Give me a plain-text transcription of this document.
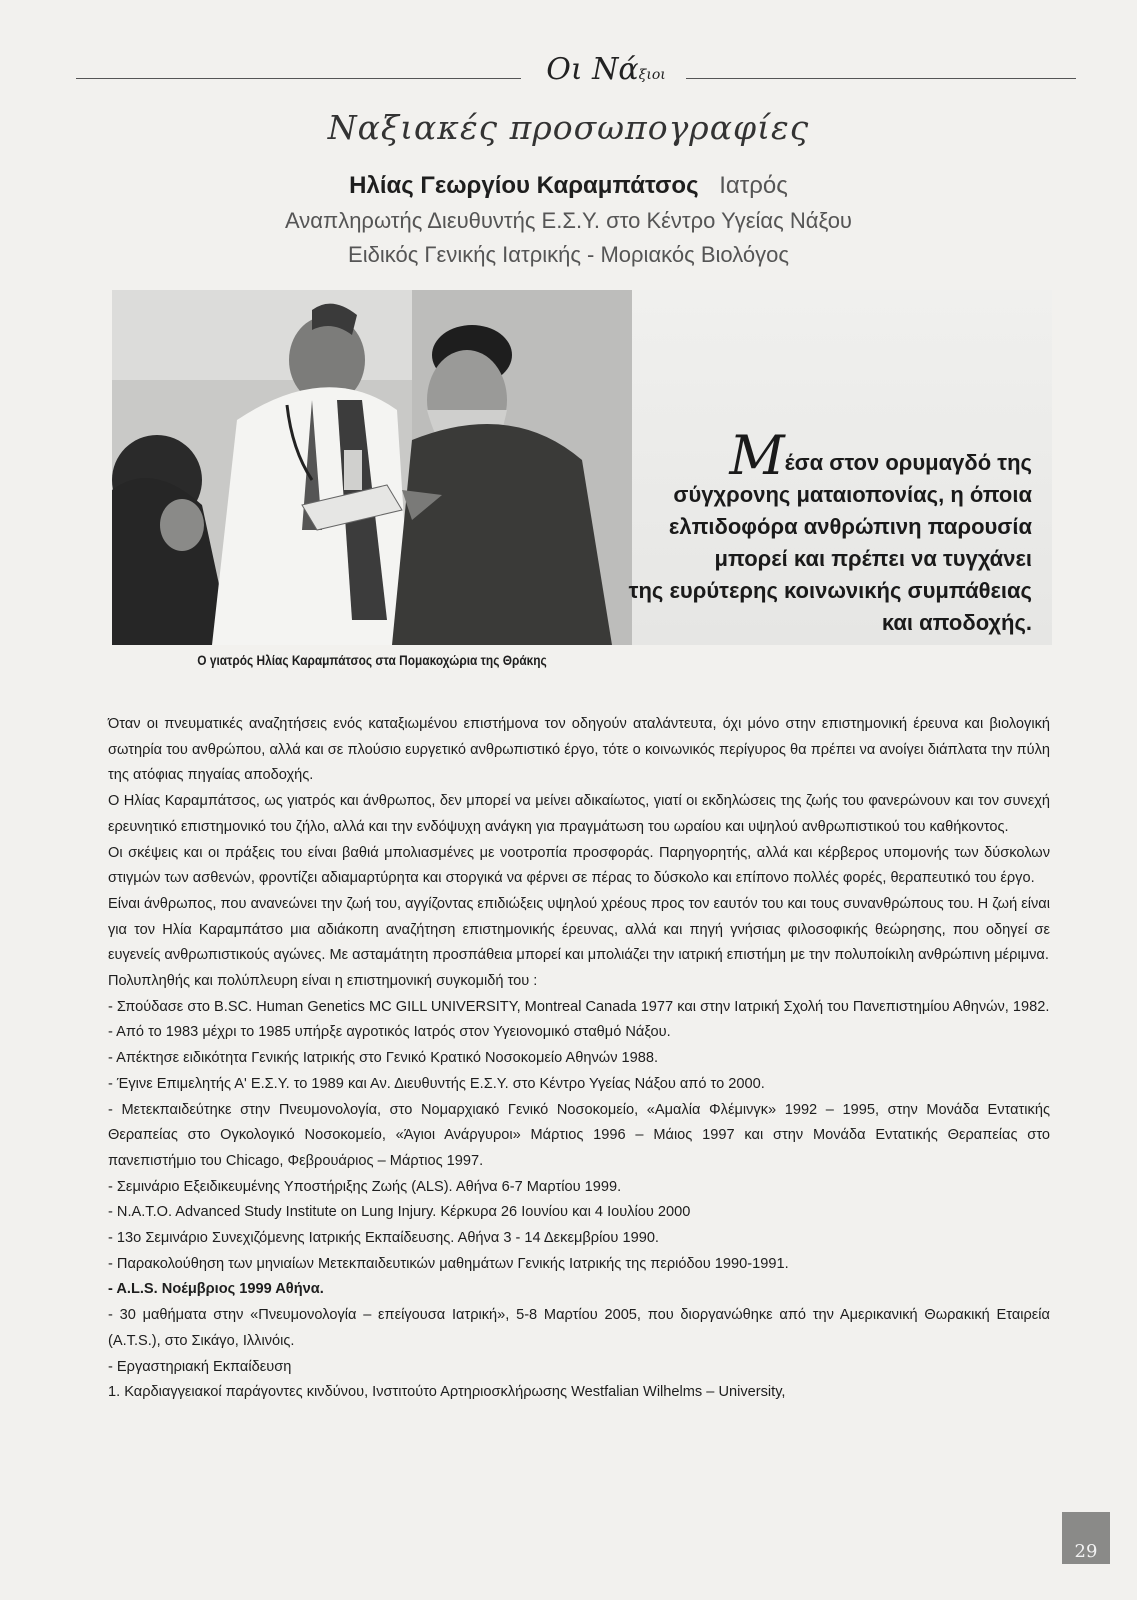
Οι Νάξιοι
Ναξιακές προσωπογραφίες
Ηλίας Γεωργίου Καραμπάτσος Ιατρός
Αναπληρωτής Διευθυντής Ε.Σ.Υ. στο Κέντρο Υγείας Νάξου
Ειδικός Γενικής Ιατρικής - Μοριακός Βιολόγος
Ο γιατρός Ηλίας Καραμπάτσος στα Πομακοχώρια της Θράκης
Μέσα στον ορυμαγδό της
σύγχρονης ματαιοπονίας, η όποια
ελπιδοφόρα ανθρώπινη παρουσία
μπορεί και πρέπει να τυγχάνει
της ευρύτερης κοινωνικής συμπάθειας
και αποδοχής.

Όταν οι πνευματικές αναζητήσεις ενός καταξιωμένου επιστήμονα τον οδηγούν αταλάντευτα, όχι μόνο στην επιστημονική έρευνα και βιολογική σωτηρία του ανθρώπου, αλλά και σε πλούσιο ευργετικό ανθρωπιστικό έργο, τότε ο κοινωνικός περίγυρος θα πρέπει να ανοίγει διάπλατα την πύλη της ατόφιας πηγαίας αποδοχής.

Ο Ηλίας Καραμπάτσος, ως γιατρός και άνθρωπος, δεν μπορεί να μείνει αδικαίωτος, γιατί οι εκδηλώσεις της ζωής του φανερώνουν και τον συνεχή ερευνητικό επιστημονικό του ζήλο, αλλά και την ενδόψυχη ανάγκη για πραγμάτωση του ωραίου και υψηλού ανθρωπιστικού του καθήκοντος.

Οι σκέψεις και οι πράξεις του είναι βαθιά μπολιασμένες με νοοτροπία προσφοράς. Παρηγορητής, αλλά και κέρβερος υπομονής των δύσκολων στιγμών των ασθενών, φροντίζει αδιαμαρτύρητα και στοργικά να φέρνει σε πέρας το δύσκολο και επίπονο πολλές φορές, θεραπευτικό του έργο.

Είναι άνθρωπος, που ανανεώνει την ζωή του, αγγίζοντας επιδιώξεις υψηλού χρέους προς τον εαυτόν του και τους συνανθρώπους του. Η ζωή είναι για τον Ηλία Καραμπάτσο μια αδιάκοπη αναζήτηση επιστημονικής έρευνας, αλλά και πηγή γνήσιας φιλοσοφικής θεώρησης, που οδηγεί σε ευγενείς ανθρωπιστικούς αγώνες. Με ασταμάτητη προσπάθεια μπορεί και μπολιάζει την ιατρική επιστήμη με την πολυποίκιλη ανθρώπινη μέριμνα.

Πολυπληθής και πολύπλευρη είναι η επιστημονική συγκομιδή του :

- Σπούδασε στο B.SC. Human Genetics MC GILL UNIVERSITY, Montreal Canada 1977 και στην Ιατρική Σχολή του Πανεπιστημίου Αθηνών, 1982.

- Από το 1983 μέχρι το 1985 υπήρξε αγροτικός Ιατρός στον Υγειονομικό σταθμό Νάξου.

- Απέκτησε ειδικότητα Γενικής Ιατρικής στο Γενικό Κρατικό Νοσοκομείο Αθηνών 1988.

- Έγινε Επιμελητής Α' Ε.Σ.Υ. το 1989 και Αν. Διευθυντής Ε.Σ.Υ. στο Κέντρο Υγείας Νάξου από το 2000.

- Μετεκπαιδεύτηκε στην Πνευμονολογία, στο Νομαρχιακό Γενικό Νοσοκομείο, «Αμαλία Φλέμινγκ» 1992 – 1995, στην Μονάδα Εντατικής Θεραπείας στο Ογκολογικό Νοσοκομείο, «Άγιοι Ανάργυροι» Μάρτιος 1996 – Μάιος 1997 και στην Μονάδα Εντατικής Θεραπείας στο πανεπιστήμιο του Chicago, Φεβρουάριος – Μάρτιος 1997.

- Σεμινάριο Εξειδικευμένης Υποστήριξης Ζωής (ALS). Αθήνα 6-7 Μαρτίου 1999.

- N.A.T.O. Advanced Study Institute on Lung Injury. Κέρκυρα 26 Ιουνίου και 4 Ιουλίου 2000

- 13ο Σεμινάριο Συνεχιζόμενης Ιατρικής Εκπαίδευσης. Αθήνα 3 - 14 Δεκεμβρίου 1990.

- Παρακολούθηση των μηνιαίων Μετεκπαιδευτικών μαθημάτων Γενικής Ιατρικής της περιόδου 1990-1991.

- A.L.S. Νοέμβριος 1999 Αθήνα.

- 30 μαθήματα στην «Πνευμονολογία – επείγουσα Ιατρική», 5-8 Μαρτίου 2005, που διοργανώθηκε από την Αμερικανική Θωρακική Εταιρεία (A.T.S.), στο Σικάγο, Ιλλινόις.

- Εργαστηριακή Εκπαίδευση

1. Καρδιαγγειακοί παράγοντες κινδύνου, Ινστιτούτο Αρτηριοσκλήρωσης Westfalian Wilhelms – University,

29
